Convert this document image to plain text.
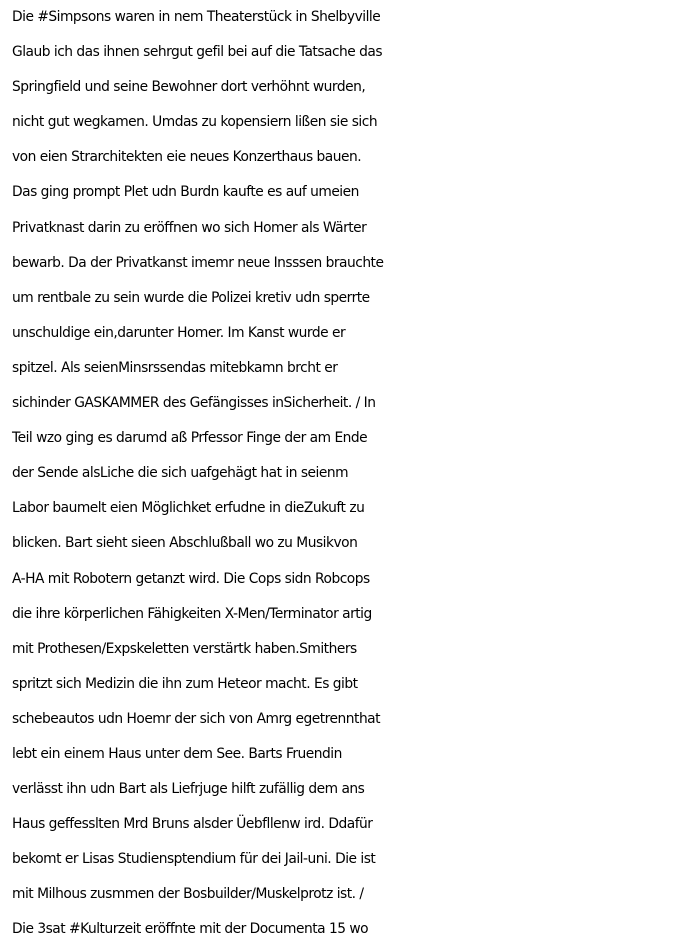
Die #Simpsons waren in nem Theaterstück in Shelbyville
Glaub ich das ihnen sehrgut gefil bei auf die Tatsache das
Springfield und seine Bewohner dort verhöhnt wurden,
nicht gut wegkamen. Umdas zu kopensiern lißen sie sich
von eien Strarchitekten eie neues Konzerthaus bauen.
Das ging prompt Plet udn Burdn kaufte es auf umeien
Privatknast darin zu eröffnen wo sich Homer als Wärter
bewarb. Da der Privatkanst imemr neue Insssen brauchte
um rentbale zu sein wurde die Polizei kretiv udn sperrte
unschuldige ein,darunter Homer. Im Kanst wurde er
spitzel. Als seienMinsrssendas mitebkamn brcht er
sichinder GASKAMMER des Gefängisses inSicherheit. / In
Teil wzo ging es darumd aß Prfessor Finge der am Ende
der Sende alsLiche die sich uafgehägt hat in seienm
Labor baumelt eien Möglichket erfudne in dieZukuft zu
blicken. Bart sieht sieen Abschlußball wo zu Musikvon
A-HA mit Robotern getanzt wird. Die Cops sidn Robcops
die ihre körperlichen Fähigkeiten X-Men/Terminator artig
mit Prothesen/Expskeletten verstärtk haben.Smithers
spritzt sich Medizin die ihn zum Heteor macht. Es gibt
schebeautos udn Hoemr der sich von Amrg egetrennthat
lebt ein einem Haus unter dem See. Barts Fruendin
verlässt ihn udn Bart als Liefrjuge hilft zufällig dem ans
Haus geffesslten Mrd Bruns alsder Üebfllenw ird. Ddafür
bekomt er Lisas Studiensptendium für dei Jail-uni. Die ist
mit Milhous zusmmen der Bosbuilder/Muskelprotz ist. /
Die 3sat #Kulturzeit eröffnte mit der Documenta 15 wo
